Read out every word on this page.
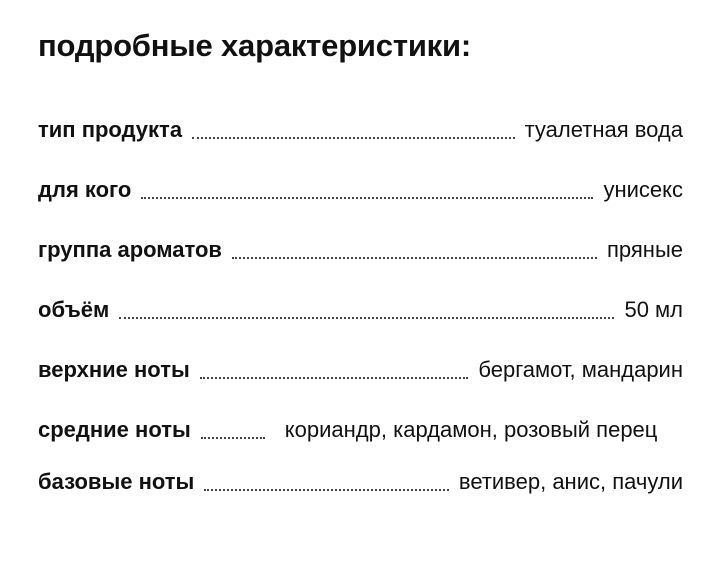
подробные характеристики:
тип продукта	туалетная вода
для кого	унисекс
группа ароматов	пряные
объём	50 мл
верхние ноты	бергамот, мандарин
средние ноты	кориандр, кардамон, розовый перец
базовые ноты	ветивер, анис, пачули
